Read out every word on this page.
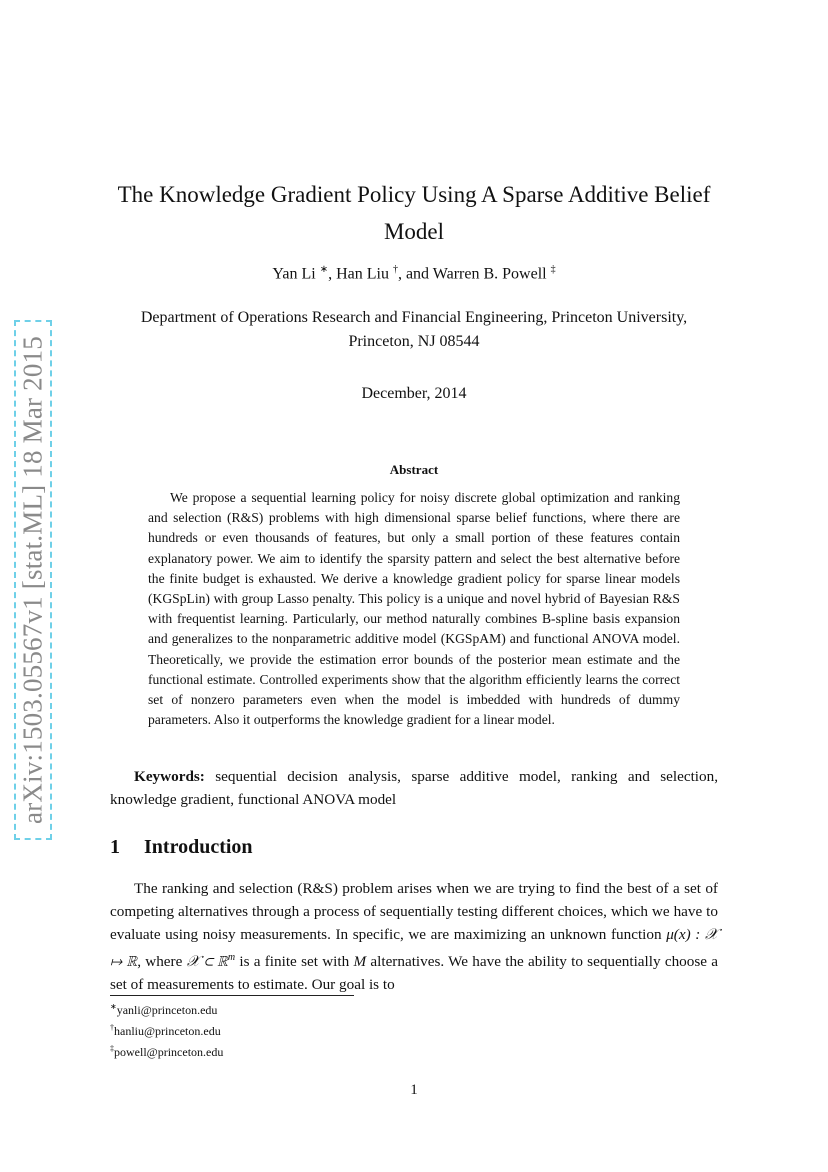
arXiv:1503.05567v1 [stat.ML] 18 Mar 2015
The Knowledge Gradient Policy Using A Sparse Additive Belief Model
Yan Li ∗, Han Liu †, and Warren B. Powell ‡
Department of Operations Research and Financial Engineering, Princeton University, Princeton, NJ 08544
December, 2014
Abstract
We propose a sequential learning policy for noisy discrete global optimization and ranking and selection (R&S) problems with high dimensional sparse belief functions, where there are hundreds or even thousands of features, but only a small portion of these features contain explanatory power. We aim to identify the sparsity pattern and select the best alternative before the finite budget is exhausted. We derive a knowledge gradient policy for sparse linear models (KGSpLin) with group Lasso penalty. This policy is a unique and novel hybrid of Bayesian R&S with frequentist learning. Particularly, our method naturally combines B-spline basis expansion and generalizes to the nonparametric additive model (KGSpAM) and functional ANOVA model. Theoretically, we provide the estimation error bounds of the posterior mean estimate and the functional estimate. Controlled experiments show that the algorithm efficiently learns the correct set of nonzero parameters even when the model is imbedded with hundreds of dummy parameters. Also it outperforms the knowledge gradient for a linear model.
Keywords: sequential decision analysis, sparse additive model, ranking and selection, knowledge gradient, functional ANOVA model
1 Introduction
The ranking and selection (R&S) problem arises when we are trying to find the best of a set of competing alternatives through a process of sequentially testing different choices, which we have to evaluate using noisy measurements. In specific, we are maximizing an unknown function μ(x) : 𝒳 ↦ ℝ, where 𝒳 ⊂ ℝ$^m$ is a finite set with M alternatives. We have the ability to sequentially choose a set of measurements to estimate. Our goal is to
∗yanli@princeton.edu
†hanliu@princeton.edu
‡powell@princeton.edu
1
